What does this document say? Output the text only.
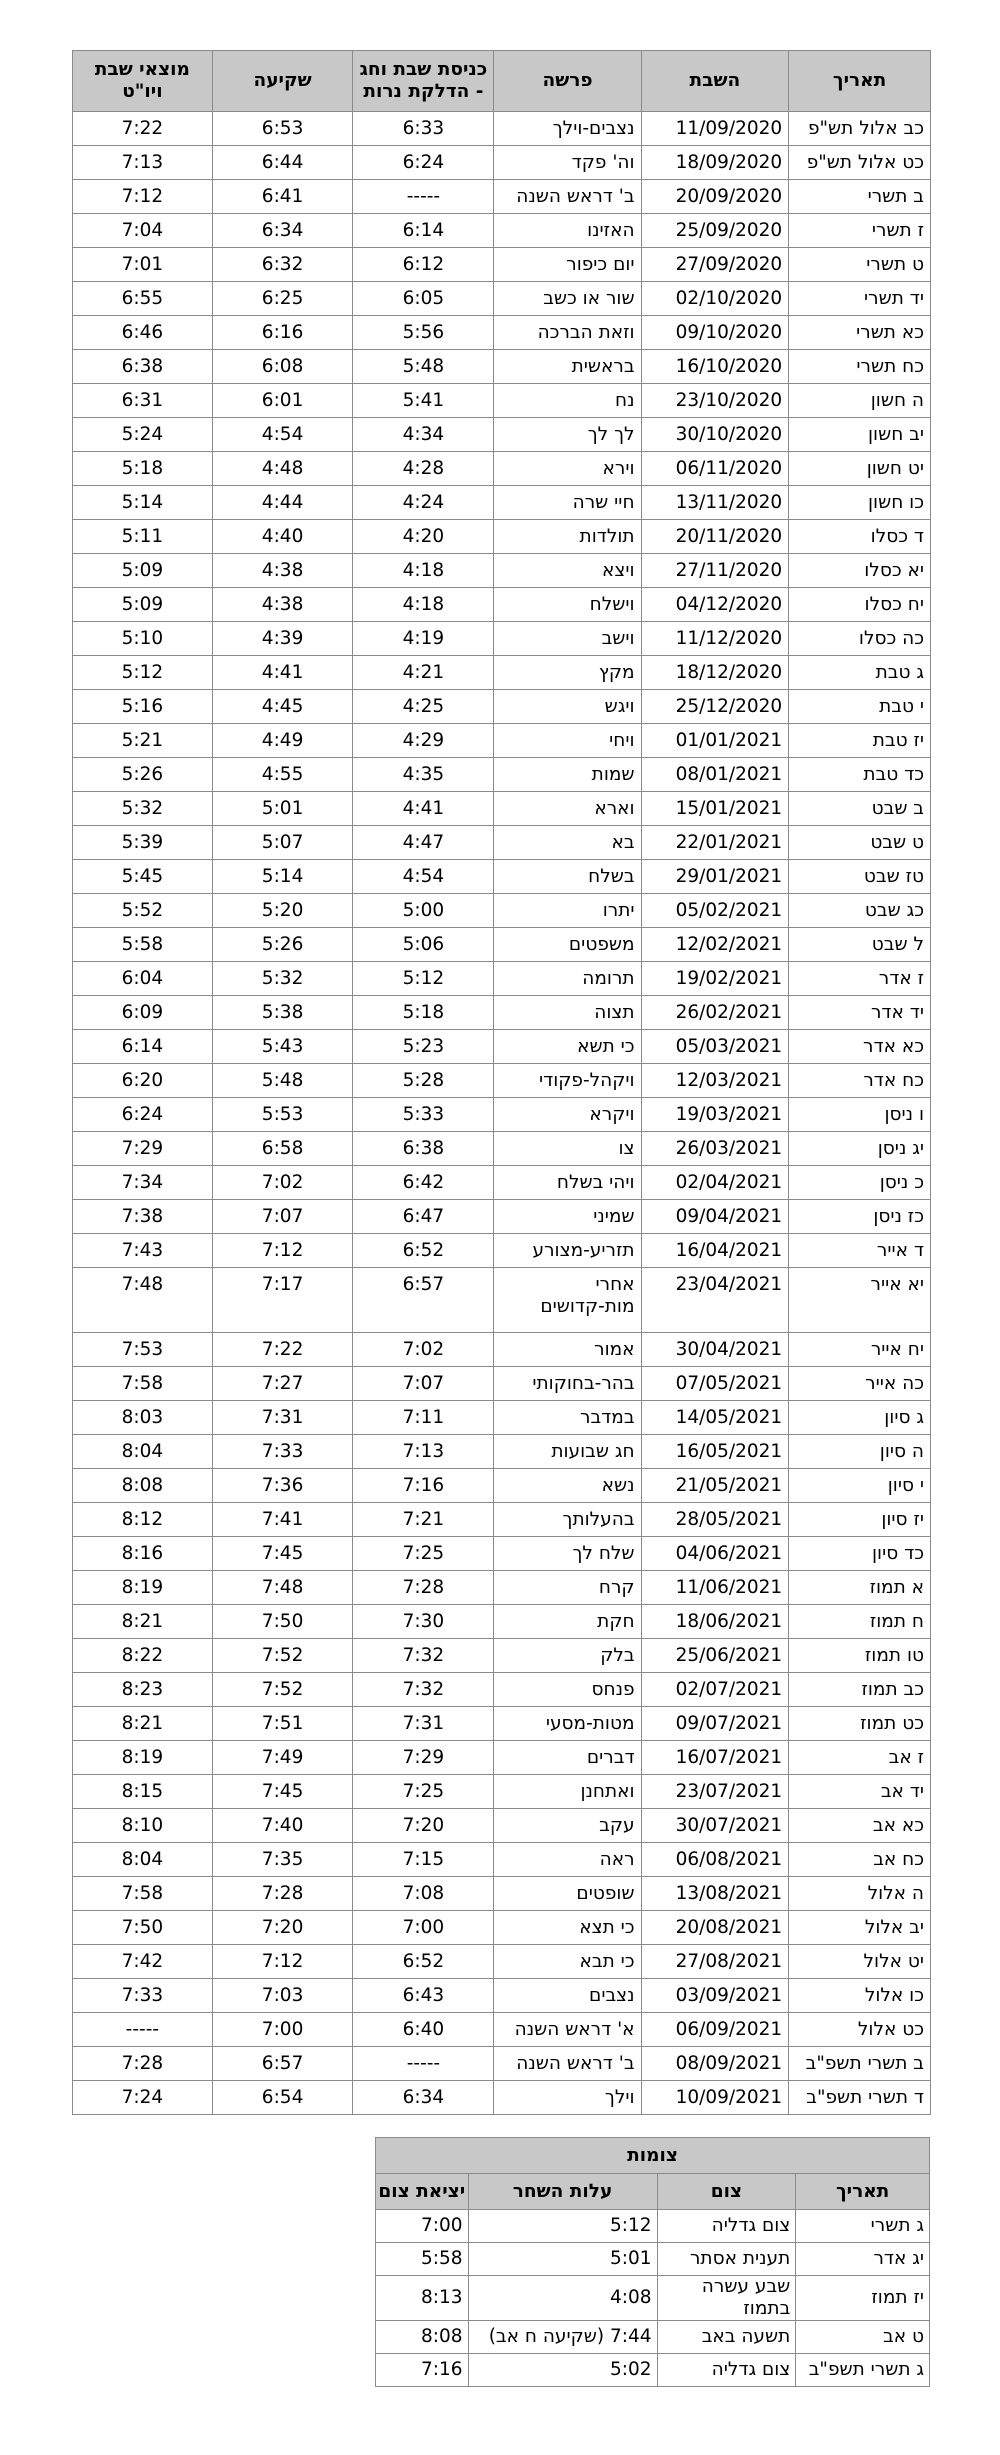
תאריך	השבת	פרשה	כניסת שבת וחג - הדלקת נרות	שקיעה	מוצאי שבת ויו"ט
כב אלול תש"פ	11/09/2020	נצבים-וילך	6:33	6:53	7:22
כט אלול תש"פ	18/09/2020	וה' פקד	6:24	6:44	7:13
ב תשרי	20/09/2020	ב' דראש השנה	-----	6:41	7:12
ז תשרי	25/09/2020	האזינו	6:14	6:34	7:04
ט תשרי	27/09/2020	יום כיפור	6:12	6:32	7:01
יד תשרי	02/10/2020	שור או כשב	6:05	6:25	6:55
כא תשרי	09/10/2020	וזאת הברכה	5:56	6:16	6:46
כח תשרי	16/10/2020	בראשית	5:48	6:08	6:38
ה חשון	23/10/2020	נח	5:41	6:01	6:31
יב חשון	30/10/2020	לך לך	4:34	4:54	5:24
יט חשון	06/11/2020	וירא	4:28	4:48	5:18
כו חשון	13/11/2020	חיי שרה	4:24	4:44	5:14
ד כסלו	20/11/2020	תולדות	4:20	4:40	5:11
יא כסלו	27/11/2020	ויצא	4:18	4:38	5:09
יח כסלו	04/12/2020	וישלח	4:18	4:38	5:09
כה כסלו	11/12/2020	וישב	4:19	4:39	5:10
ג טבת	18/12/2020	מקץ	4:21	4:41	5:12
י טבת	25/12/2020	ויגש	4:25	4:45	5:16
יז טבת	01/01/2021	ויחי	4:29	4:49	5:21
כד טבת	08/01/2021	שמות	4:35	4:55	5:26
ב שבט	15/01/2021	וארא	4:41	5:01	5:32
ט שבט	22/01/2021	בא	4:47	5:07	5:39
טז שבט	29/01/2021	בשלח	4:54	5:14	5:45
כג שבט	05/02/2021	יתרו	5:00	5:20	5:52
ל שבט	12/02/2021	משפטים	5:06	5:26	5:58
ז אדר	19/02/2021	תרומה	5:12	5:32	6:04
יד אדר	26/02/2021	תצוה	5:18	5:38	6:09
כא אדר	05/03/2021	כי תשא	5:23	5:43	6:14
כח אדר	12/03/2021	ויקהל-פקודי	5:28	5:48	6:20
ו ניסן	19/03/2021	ויקרא	5:33	5:53	6:24
יג ניסן	26/03/2021	צו	6:38	6:58	7:29
כ ניסן	02/04/2021	ויהי בשלח	6:42	7:02	7:34
כז ניסן	09/04/2021	שמיני	6:47	7:07	7:38
ד אייר	16/04/2021	תזריע-מצורע	6:52	7:12	7:43
יא אייר	23/04/2021	אחרי מות-קדושים	6:57	7:17	7:48
יח אייר	30/04/2021	אמור	7:02	7:22	7:53
כה אייר	07/05/2021	בהר-בחוקותי	7:07	7:27	7:58
ג סיון	14/05/2021	במדבר	7:11	7:31	8:03
ה סיון	16/05/2021	חג שבועות	7:13	7:33	8:04
י סיון	21/05/2021	נשא	7:16	7:36	8:08
יז סיון	28/05/2021	בהעלותך	7:21	7:41	8:12
כד סיון	04/06/2021	שלח לך	7:25	7:45	8:16
א תמוז	11/06/2021	קרח	7:28	7:48	8:19
ח תמוז	18/06/2021	חקת	7:30	7:50	8:21
טו תמוז	25/06/2021	בלק	7:32	7:52	8:22
כב תמוז	02/07/2021	פנחס	7:32	7:52	8:23
כט תמוז	09/07/2021	מטות-מסעי	7:31	7:51	8:21
ז אב	16/07/2021	דברים	7:29	7:49	8:19
יד אב	23/07/2021	ואתחנן	7:25	7:45	8:15
כא אב	30/07/2021	עקב	7:20	7:40	8:10
כח אב	06/08/2021	ראה	7:15	7:35	8:04
ה אלול	13/08/2021	שופטים	7:08	7:28	7:58
יב אלול	20/08/2021	כי תצא	7:00	7:20	7:50
יט אלול	27/08/2021	כי תבא	6:52	7:12	7:42
כו אלול	03/09/2021	נצבים	6:43	7:03	7:33
כט אלול	06/09/2021	א' דראש השנה	6:40	7:00	-----
ב תשרי תשפ"ב	08/09/2021	ב' דראש השנה	-----	6:57	7:28
ד תשרי תשפ"ב	10/09/2021	וילך	6:34	6:54	7:24
צומות			
תאריך	צום	עלות השחר	יציאת צום
ג תשרי	צום גדליה	5:12	7:00
יג אדר	תענית אסתר	5:01	5:58
יז תמוז	שבע עשרה בתמוז	4:08	8:13
ט אב	תשעה באב	7:44 (שקיעה ח אב)	8:08
ג תשרי תשפ"ב	צום גדליה	5:02	7:16
